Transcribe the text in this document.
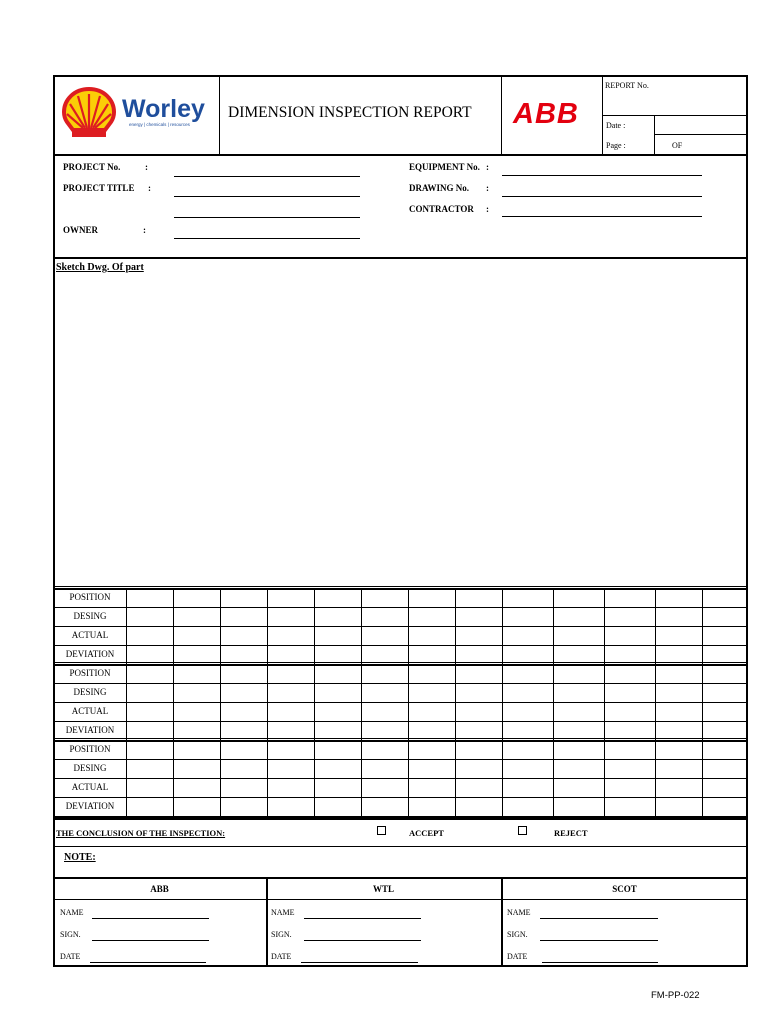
Worley
energy | chemicals | resources
DIMENSION INSPECTION REPORT ABB
REPORT No.
Date :
Page :	OF
PROJECT No.	:
PROJECT TITLE :
OWNER	:
EQUIPMENT No. :
DRAWING No. :
CONTRACTOR :
Sketch Dwg. Of part
THE CONCLUSION OF THE INSPECTION:	ACCEPT	REJECT
NOTE:
FM-PP-022
POSITION
DESING
ACTUAL
DEVIATION
POSITION
DESING
ACTUAL
DEVIATION
POSITION
DESING
ACTUAL
DEVIATION
ABB
NAME
SIGN.
DATE
WTL
NAME
SIGN.
DATE
SCOT
NAME
SIGN.
DATE
